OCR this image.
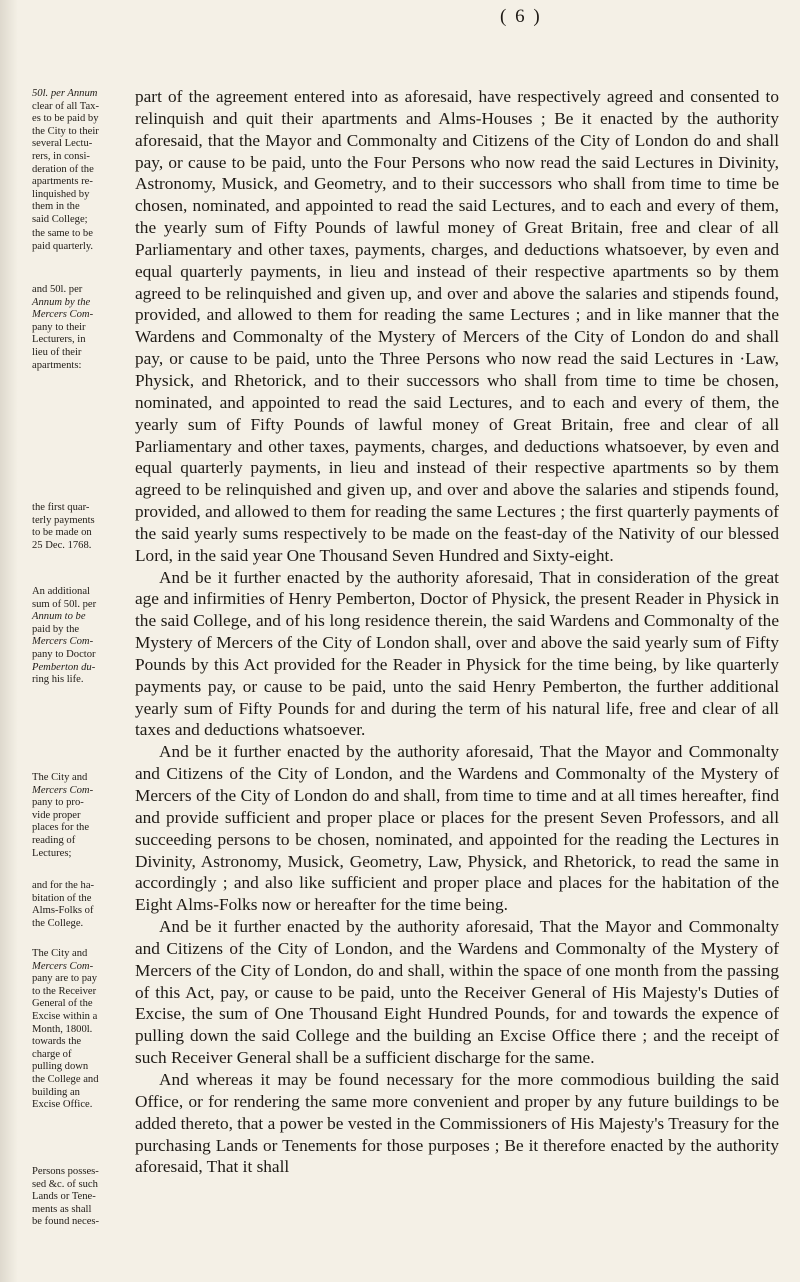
( 6 )
50l. per Annum
clear of all Tax-
es to be paid by
the City to their
several Lectu-
rers, in consi-
deration of the
apartments re-
linquished by
them in the
said College;
the same to be
paid quarterly.
and 50l. per
Annum by the
Mercers Com-
pany to their
Lecturers, in
lieu of their
apartments:
the first quar-
terly payments
to be made on
25 Dec. 1768.
An additional
sum of 50l. per
Annum to be
paid by the
Mercers Com-
pany to Doctor
Pemberton du-
ring his life.
The City and
Mercers Com-
pany to pro-
vide proper
places for the
reading of
Lectures;
and for the ha-
bitation of the
Alms-Folks of
the College.
The City and
Mercers Com-
pany are to pay
to the Receiver
General of the
Excise within a
Month, 1800l.
towards the
charge of
pulling down
the College and
building an
Excise Office.
Persons posses-
sed &c. of such
Lands or Tene-
ments as shall
be found neces-

part of the agreement entered into as aforesaid, have respectively agreed and consented to relinquish and quit their apartments and Alms-Houses ; Be it enacted by the authority aforesaid, that the Mayor and Commonalty and Citizens of the City of London do and shall pay, or cause to be paid, unto the Four Persons who now read the said Lectures in Divinity, Astronomy, Musick, and Geometry, and to their successors who shall from time to time be chosen, nominated, and appointed to read the said Lectures, and to each and every of them, the yearly sum of Fifty Pounds of lawful money of Great Britain, free and clear of all Parliamentary and other taxes, payments, charges, and deductions whatsoever, by even and equal quarterly payments, in lieu and instead of their respective apartments so by them agreed to be relinquished and given up, and over and above the salaries and stipends found, provided, and allowed to them for reading the same Lectures ; and in like manner that the Wardens and Commonalty of the Mystery of Mercers of the City of London do and shall pay, or cause to be paid, unto the Three Persons who now read the said Lectures in ·Law, Physick, and Rhetorick, and to their successors who shall from time to time be chosen, nominated, and appointed to read the said Lectures, and to each and every of them, the yearly sum of Fifty Pounds of lawful money of Great Britain, free and clear of all Parliamentary and other taxes, payments, charges, and deductions whatsoever, by even and equal quarterly payments, in lieu and instead of their respective apartments so by them agreed to be relinquished and given up, and over and above the salaries and stipends found, provided, and allowed to them for reading the same Lectures ; the first quarterly payments of the said yearly sums respectively to be made on the feast-day of the Nativity of our blessed Lord, in the said year One Thousand Seven Hundred and Sixty-eight.

And be it further enacted by the authority aforesaid, That in consideration of the great age and infirmities of Henry Pemberton, Doctor of Physick, the present Reader in Physick in the said College, and of his long residence therein, the said Wardens and Commonalty of the Mystery of Mercers of the City of London shall, over and above the said yearly sum of Fifty Pounds by this Act provided for the Reader in Physick for the time being, by like quarterly payments pay, or cause to be paid, unto the said Henry Pemberton, the further additional yearly sum of Fifty Pounds for and during the term of his natural life, free and clear of all taxes and deductions whatsoever.

And be it further enacted by the authority aforesaid, That the Mayor and Commonalty and Citizens of the City of London, and the Wardens and Commonalty of the Mystery of Mercers of the City of London do and shall, from time to time and at all times hereafter, find and provide sufficient and proper place or places for the present Seven Professors, and all succeeding persons to be chosen, nominated, and appointed for the reading the Lectures in Divinity, Astronomy, Musick, Geometry, Law, Physick, and Rhetorick, to read the same in accordingly ; and also like sufficient and proper place and places for the habitation of the Eight Alms-Folks now or hereafter for the time being.

And be it further enacted by the authority aforesaid, That the Mayor and Commonalty and Citizens of the City of London, and the Wardens and Commonalty of the Mystery of Mercers of the City of London, do and shall, within the space of one month from the passing of this Act, pay, or cause to be paid, unto the Receiver General of His Majesty's Duties of Excise, the sum of One Thousand Eight Hundred Pounds, for and towards the expence of pulling down the said College and the building an Excise Office there ; and the receipt of such Receiver General shall be a sufficient discharge for the same.

And whereas it may be found necessary for the more commodious building the said Office, or for rendering the same more convenient and proper by any future buildings to be added thereto, that a power be vested in the Commissioners of His Majesty's Treasury for the purchasing Lands or Tenements for those purposes ; Be it therefore enacted by the authority aforesaid, That it shall
